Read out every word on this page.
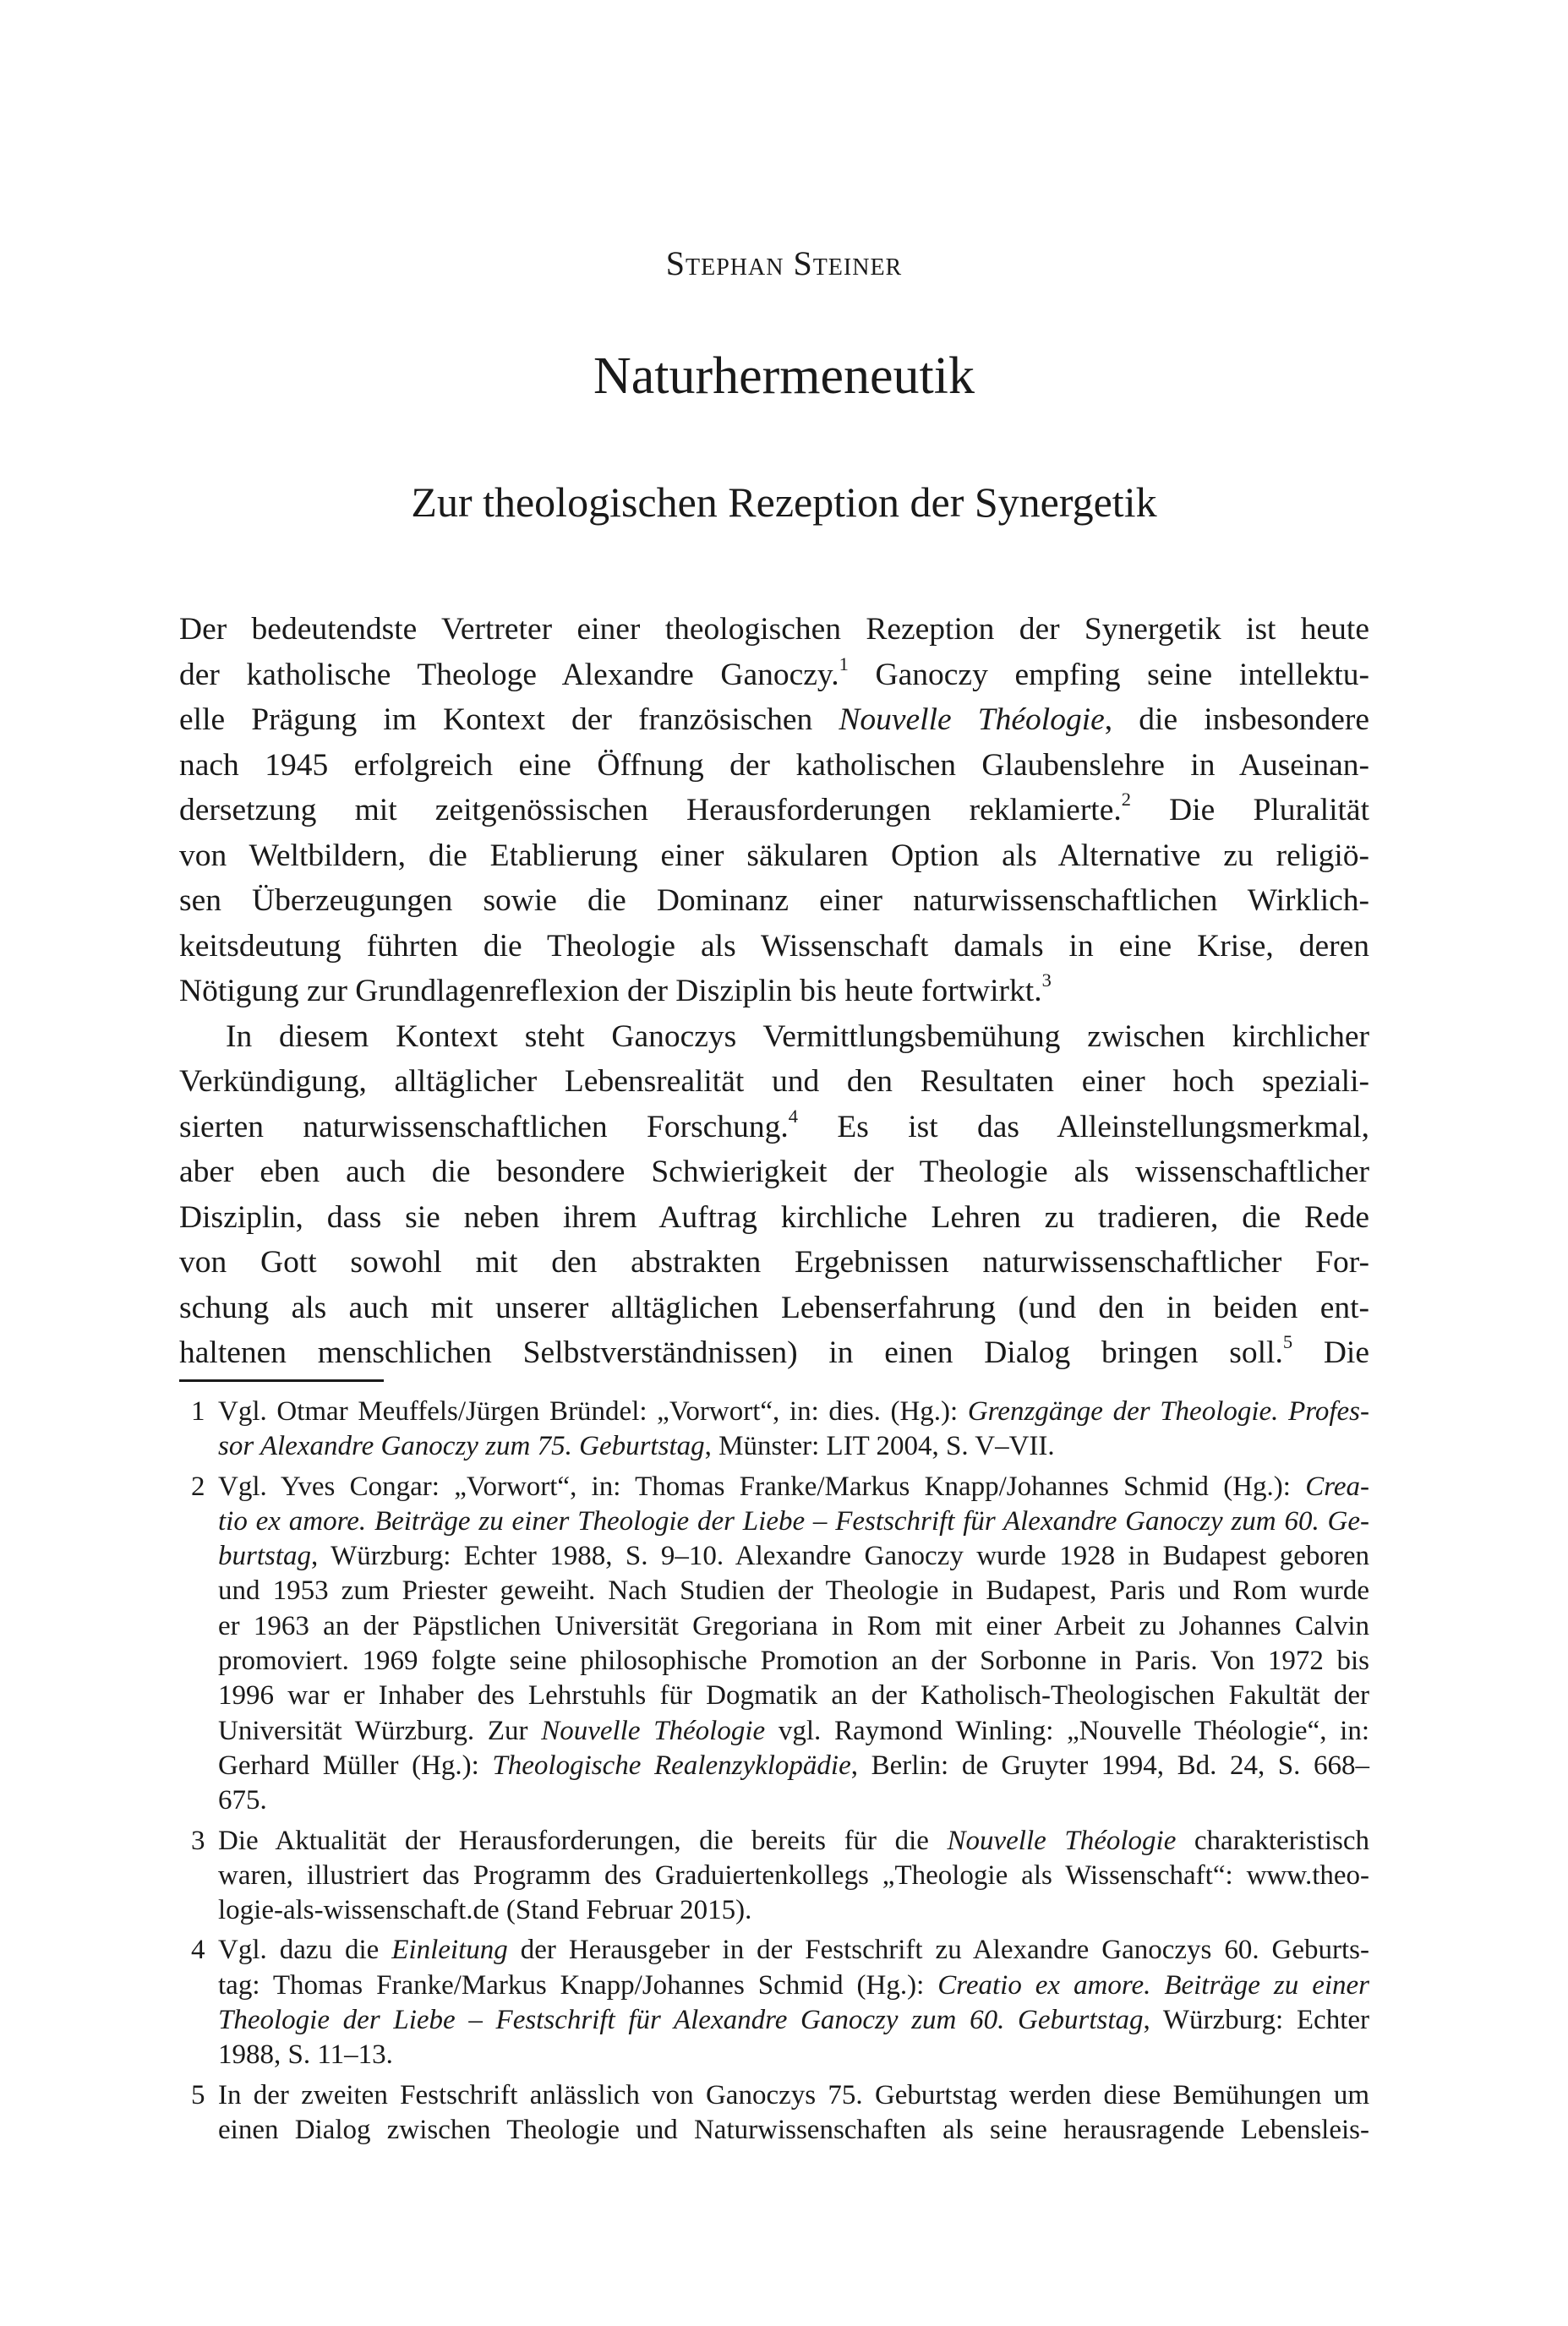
Stephan Steiner
Naturhermeneutik
Zur theologischen Rezeption der Synergetik
Der bedeutendste Vertreter einer theologischen Rezeption der Synergetik ist heute
der katholische Theologe Alexandre Ganoczy.$^1$ Ganoczy empfing seine intellektu-
elle Prägung im Kontext der französischen Nouvelle Théologie, die insbesondere
nach 1945 erfolgreich eine Öffnung der katholischen Glaubenslehre in Auseinan-
dersetzung mit zeitgenössischen Herausforderungen reklamierte.$^2$ Die Pluralität
von Weltbildern, die Etablierung einer säkularen Option als Alternative zu religiö-
sen Überzeugungen sowie die Dominanz einer naturwissenschaftlichen Wirklich-
keitsdeutung führten die Theologie als Wissenschaft damals in eine Krise, deren
Nötigung zur Grundlagenreflexion der Disziplin bis heute fortwirkt.$^3$
In diesem Kontext steht Ganoczys Vermittlungsbemühung zwischen kirchlicher
Verkündigung, alltäglicher Lebensrealität und den Resultaten einer hoch speziali-
sierten naturwissenschaftlichen Forschung.$^4$ Es ist das Alleinstellungsmerkmal,
aber eben auch die besondere Schwierigkeit der Theologie als wissenschaftlicher
Disziplin, dass sie neben ihrem Auftrag kirchliche Lehren zu tradieren, die Rede
von Gott sowohl mit den abstrakten Ergebnissen naturwissenschaftlicher For-
schung als auch mit unserer alltäglichen Lebenserfahrung (und den in beiden ent-
haltenen menschlichen Selbstverständnissen) in einen Dialog bringen soll.$^5$ Die
1 Vgl. Otmar Meuffels/Jürgen Bründel: „Vorwort“, in: dies. (Hg.): Grenzgänge der Theologie. Profes-
sor Alexandre Ganoczy zum 75. Geburtstag, Münster: LIT 2004, S. V–VII.
2 Vgl. Yves Congar: „Vorwort“, in: Thomas Franke/Markus Knapp/Johannes Schmid (Hg.): Crea-
tio ex amore. Beiträge zu einer Theologie der Liebe – Festschrift für Alexandre Ganoczy zum 60. Ge-
burtstag, Würzburg: Echter 1988, S. 9–10. Alexandre Ganoczy wurde 1928 in Budapest geboren
und 1953 zum Priester geweiht. Nach Studien der Theologie in Budapest, Paris und Rom wurde
er 1963 an der Päpstlichen Universität Gregoriana in Rom mit einer Arbeit zu Johannes Calvin
promoviert. 1969 folgte seine philosophische Promotion an der Sorbonne in Paris. Von 1972 bis
1996 war er Inhaber des Lehrstuhls für Dogmatik an der Katholisch-Theologischen Fakultät der
Universität Würzburg. Zur Nouvelle Théologie vgl. Raymond Winling: „Nouvelle Théologie“, in:
Gerhard Müller (Hg.): Theologische Realenzyklopädie, Berlin: de Gruyter 1994, Bd. 24, S. 668–
675.
3 Die Aktualität der Herausforderungen, die bereits für die Nouvelle Théologie charakteristisch
waren, illustriert das Programm des Graduiertenkollegs „Theologie als Wissenschaft“: www.theo-
logie-als-wissenschaft.de (Stand Februar 2015).
4 Vgl. dazu die Einleitung der Herausgeber in der Festschrift zu Alexandre Ganoczys 60. Geburts-
tag: Thomas Franke/Markus Knapp/Johannes Schmid (Hg.): Creatio ex amore. Beiträge zu einer
Theologie der Liebe – Festschrift für Alexandre Ganoczy zum 60. Geburtstag, Würzburg: Echter
1988, S. 11–13.
5 In der zweiten Festschrift anlässlich von Ganoczys 75. Geburtstag werden diese Bemühungen um
einen Dialog zwischen Theologie und Naturwissenschaften als seine herausragende Lebensleis-
